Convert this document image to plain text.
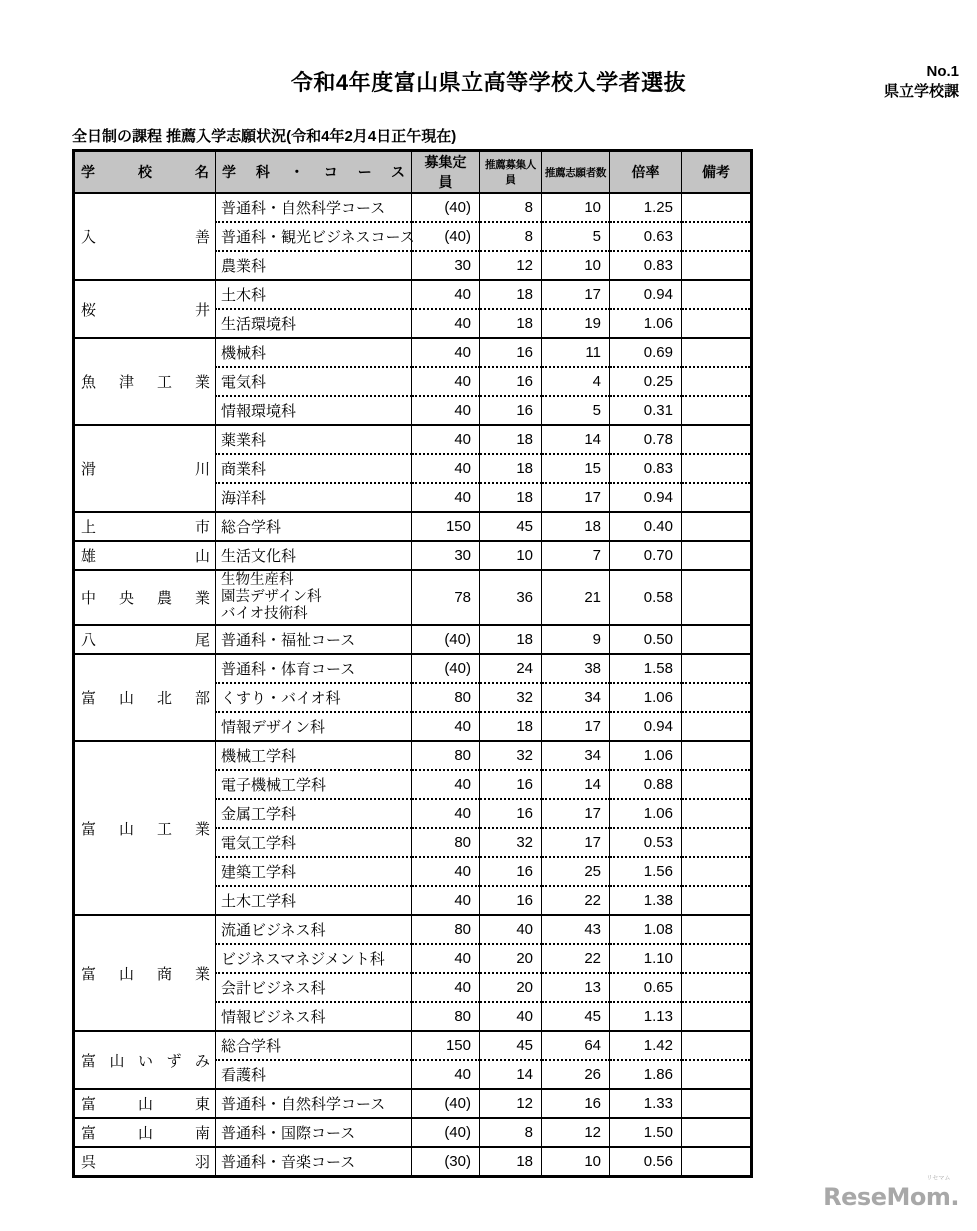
令和4年度富山県立高等学校入学者選抜	No.1
県立学校課
全日制の課程 推薦入学志願状況(令和4年2月4日正午現在)
学校名	学科・コース	募集定員	推薦募集人員	推薦志願者数	倍率	備考
入善	普通科・自然科学コース	(40)	8	10	1.25	
	普通科・観光ビジネスコース	(40)	8	5	0.63	
	農業科	30	12	10	0.83	
桜井	土木科	40	18	17	0.94	
	生活環境科	40	18	19	1.06	
魚津工業	機械科	40	16	11	0.69	
	電気科	40	16	4	0.25	
	情報環境科	40	16	5	0.31	
滑川	薬業科	40	18	14	0.78	
	商業科	40	18	15	0.83	
	海洋科	40	18	17	0.94	
上市	総合学科	150	45	18	0.40	
雄山	生活文化科	30	10	7	0.70	
中央農業	生物生産科
園芸デザイン科
バイオ技術科	78	36	21	0.58	
八尾	普通科・福祉コース	(40)	18	9	0.50	
富山北部	普通科・体育コース	(40)	24	38	1.58	
	くすり・バイオ科	80	32	34	1.06	
	情報デザイン科	40	18	17	0.94	
富山工業	機械工学科	80	32	34	1.06	
	電子機械工学科	40	16	14	0.88	
	金属工学科	40	16	17	1.06	
	電気工学科	80	32	17	0.53	
	建築工学科	40	16	25	1.56	
	土木工学科	40	16	22	1.38	
富山商業	流通ビジネス科	80	40	43	1.08	
	ビジネスマネジメント科	40	20	22	1.10	
	会計ビジネス科	40	20	13	0.65	
	情報ビジネス科	80	40	45	1.13	
富山いずみ	総合学科	150	45	64	1.42	
	看護科	40	14	26	1.86	
富山東	普通科・自然科学コース	(40)	12	16	1.33	
富山南	普通科・国際コース	(40)	8	12	1.50	
呉羽	普通科・音楽コース	(30)	18	10	0.56	
Rese
リセマム
Mom .
